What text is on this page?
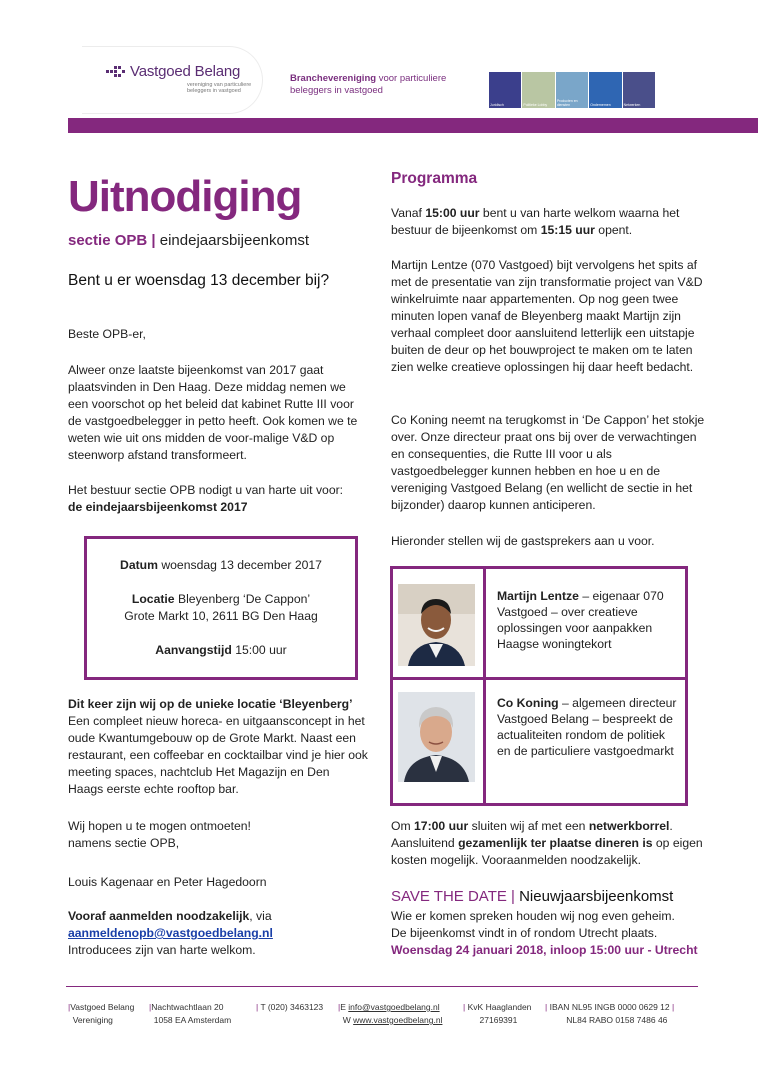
Vastgoed Belang
vereniging van particuliere beleggers in vastgoed
Branchevereniging voor particuliere
beleggers in vastgoed
Juridisch	Politieke Lobby
Producten en diensten	Ondernemen	Netwerken
Uitnodiging
sectie OPB | eindejaarsbijeenkomst
Bent u er woensdag 13 december bij?
Beste OPB-er,
Alweer onze laatste bijeenkomst van 2017 gaat plaatsvinden in Den Haag. Deze middag nemen we een voorschot op het beleid dat kabinet Rutte III voor de vastgoedbelegger in petto heeft. Ook komen we te weten wie uit ons midden de voor-malige V&D op steenworp afstand transformeert.
Het bestuur sectie OPB nodigt u van harte uit voor:
de eindejaarsbijeenkomst 2017
Datum woensdag 13 december 2017
Locatie Bleyenberg ‘De Cappon’
Grote Markt 10, 2611 BG Den Haag
Aanvangstijd 15:00 uur
Dit keer zijn wij op de unieke locatie ‘Bleyenberg’
Een compleet nieuw horeca- en uitgaansconcept in het oude Kwantumgebouw op de Grote Markt. Naast een restaurant, een coffeebar en cocktailbar vind je hier ook meeting spaces, nachtclub Het Magazijn en Den Haags eerste echte rooftop bar.
Wij hopen u te mogen ontmoeten!
namens sectie OPB,
Louis Kagenaar en Peter Hagedoorn
Vooraf aanmelden noodzakelijk, via
aanmeldenopb@vastgoedbelang.nl
Introducees zijn van harte welkom.
Programma
Vanaf 15:00 uur bent u van harte welkom waarna het bestuur de bijeenkomst om 15:15 uur opent.
Martijn Lentze (070 Vastgoed) bijt vervolgens het spits af met de presentatie van zijn transformatie project van V&D winkelruimte naar appartementen. Op nog geen twee minuten lopen vanaf de Bleyenberg maakt Martijn zijn verhaal compleet door aansluitend letterlijk een uitstapje buiten de deur op het bouwproject te maken om te laten zien welke creatieve oplossingen hij daar heeft bedacht.
Co Koning neemt na terugkomst in ‘De Cappon’ het stokje over. Onze directeur praat ons bij over de verwachtingen en consequenties, die Rutte III voor u als vastgoedbelegger kunnen hebben en hoe u en de vereniging Vastgoed Belang (en wellicht de sectie in het bijzonder) daarop kunnen anticiperen.
Hieronder stellen wij de gastsprekers aan u voor.
Martijn Lentze – eigenaar 070 Vastgoed – over creatieve oplossingen voor aanpakken Haagse woningtekort
Co Koning – algemeen directeur Vastgoed Belang – bespreekt de actualiteiten rondom de politiek en de particuliere vastgoedmarkt
Om 17:00 uur sluiten wij af met een netwerkborrel. Aansluitend gezamenlijk ter plaatse dineren is op eigen kosten mogelijk. Vooraanmelden noodzakelijk.
SAVE THE DATE | Nieuwjaarsbijeenkomst
Wie er komen spreken houden wij nog even geheim.
De bijeenkomst vindt in of rondom Utrecht plaats.
Woensdag 24 januari 2018, inloop 15:00 uur - Utrecht
|Vastgoed Belang
Vereniging
|Nachtwachtlaan 20
1058 EA Amsterdam
| T (020) 3463123 |E info@vastgoedbelang.nl
W www.vastgoedbelang.nl
| KvK Haaglanden
27169391
| IBAN NL95 INGB 0000 0629 12 |
NL84 RABO 0158 7486 46
